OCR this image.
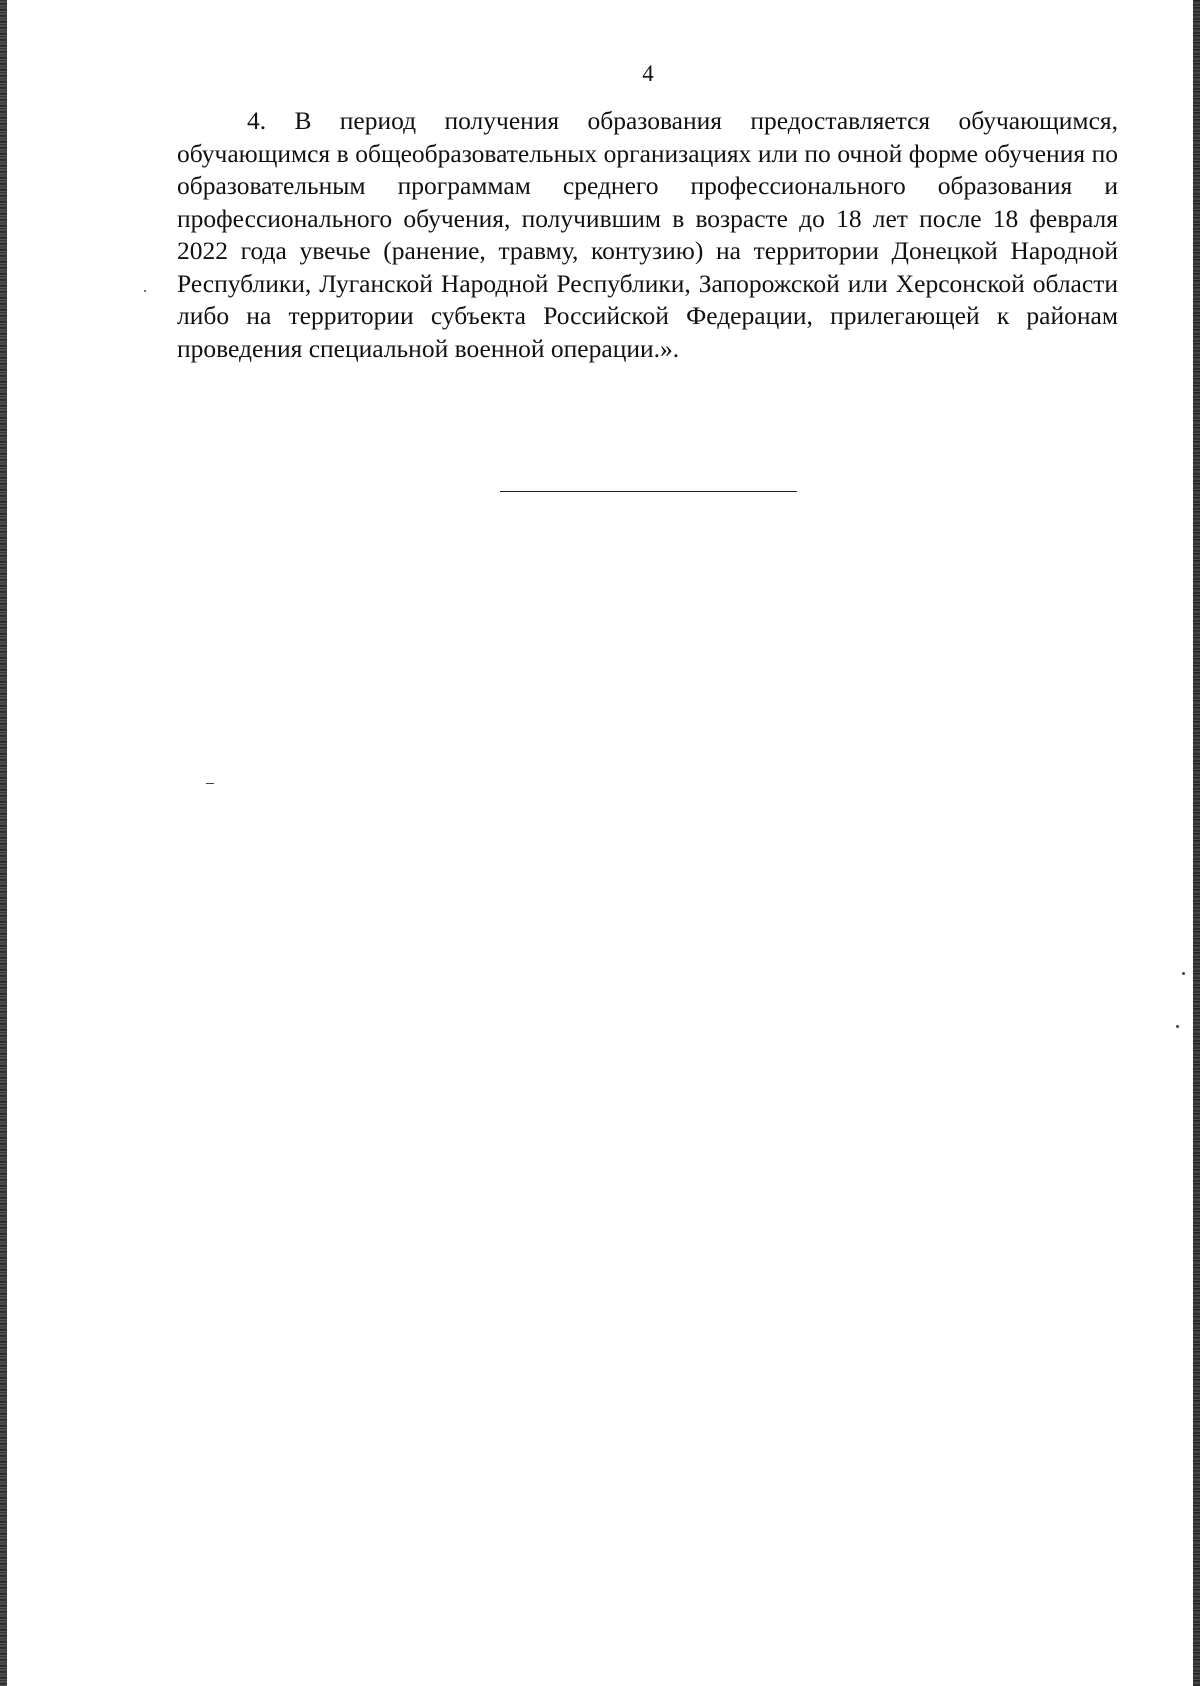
4

4. В период получения образования предоставляется обучающимся, обучающимся в общеобразовательных организациях или по очной форме обучения по образовательным программам среднего профессионального образования и профессионального обучения, получившим в возрасте до 18 лет после 18 февраля 2022 года увечье (ранение, травму, контузию) на территории Донецкой Народной Республики, Луганской Народной Республики, Запорожской или Херсонской области либо на территории субъекта Российской Федерации, прилегающей к районам проведения специальной военной операции.».
